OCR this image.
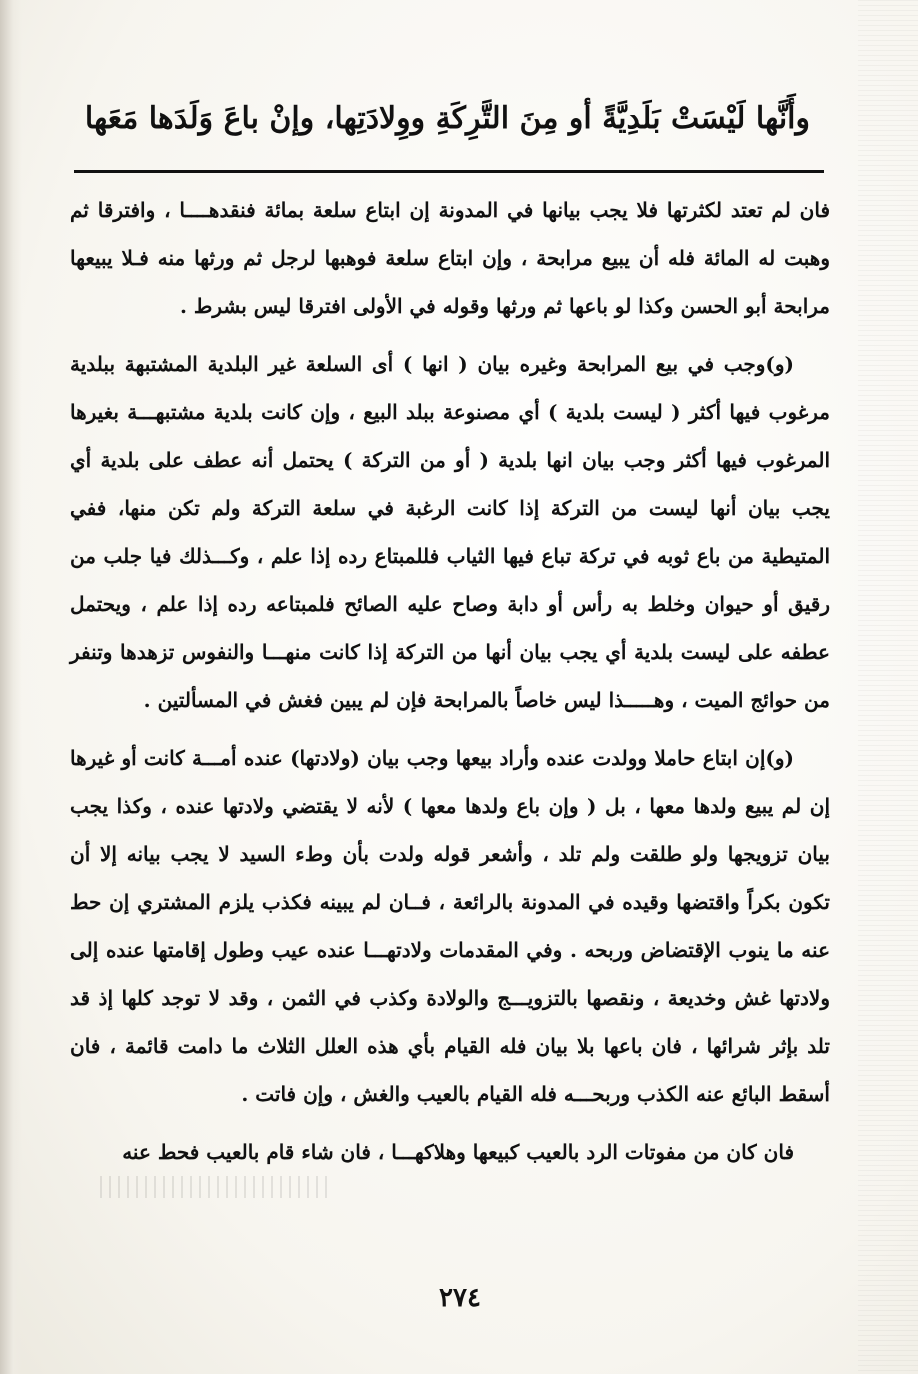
وأَنَّها لَيْسَتْ بَلَدِيَّةً أو مِنَ التَّرِكَةِ ووِلادَتِها، وإنْ باعَ وَلَدَها مَعَها

فان لم تعتد لكثرتها فلا يجب بيانها في المدونة إن ابتاع سلعة بمائة فنقدهــــا ، وافترقا ثم وهبت له المائة فله أن يبيع مرابحة ، وإن ابتاع سلعة فوهبها لرجل ثم ورثها منه فـلا يبيعها مرابحة أبو الحسن وكذا لو باعها ثم ورثها وقوله في الأولى افترقا ليس بشرط .

(و)وجب في بيع المرابحة وغيره بيان ( انها ) أى السلعة غير البلدية المشتبهة ببلدية مرغوب فيها أكثر ( ليست بلدية ) أي مصنوعة ببلد البيع ، وإن كانت بلدية مشتبهـــة بغيرها المرغوب فيها أكثر وجب بيان انها بلدية ( أو من التركة ) يحتمل أنه عطف على بلدية أي يجب بيان أنها ليست من التركة إذا كانت الرغبة في سلعة التركة ولم تكن منها، ففي المتيطية من باع ثوبه في تركة تباع فيها الثياب فللمبتاع رده إذا علم ، وكـــذلك فيا جلب من رقيق أو حيوان وخلط به رأس أو دابة وصاح عليه الصائح فلمبتاعه رده إذا علم ، ويحتمل عطفه على ليست بلدية أي يجب بيان أنها من التركة إذا كانت منهـــا والنفوس تزهدها وتنفر من حوائج الميت ، وهـــــذا ليس خاصاً بالمرابحة فإن لم يبين فغش في المسألتين .

(و)إن ابتاع حاملا وولدت عنده وأراد بيعها وجب بيان (ولادتها) عنده أمـــة كانت أو غيرها إن لم يبيع ولدها معها ، بل ( وإن باع ولدها معها ) لأنه لا يقتضي ولادتها عنده ، وكذا يجب بيان تزويجها ولو طلقت ولم تلد ، وأشعر قوله ولدت بأن وطء السيد لا يجب بيانه إلا أن تكون بكراً واقتضها وقيده في المدونة بالرائعة ، فــان لم يبينه فكذب يلزم المشتري إن حط عنه ما ينوب الإقتضاض وربحه . وفي المقدمات ولادتهـــا عنده عيب وطول إقامتها عنده إلى ولادتها غش وخديعة ، ونقصها بالتزويـــج والولادة وكذب في الثمن ، وقد لا توجد كلها إذ قد تلد بإثر شرائها ، فان باعها بلا بيان فله القيام بأي هذه العلل الثلاث ما دامت قائمة ، فان أسقط البائع عنه الكذب وربحـــه فله القيام بالعيب والغش ، وإن فاتت .

فان كان من مفوتات الرد بالعيب كبيعها وهلاكهـــا ، فان شاء قام بالعيب فحط عنه

٢٧٤
